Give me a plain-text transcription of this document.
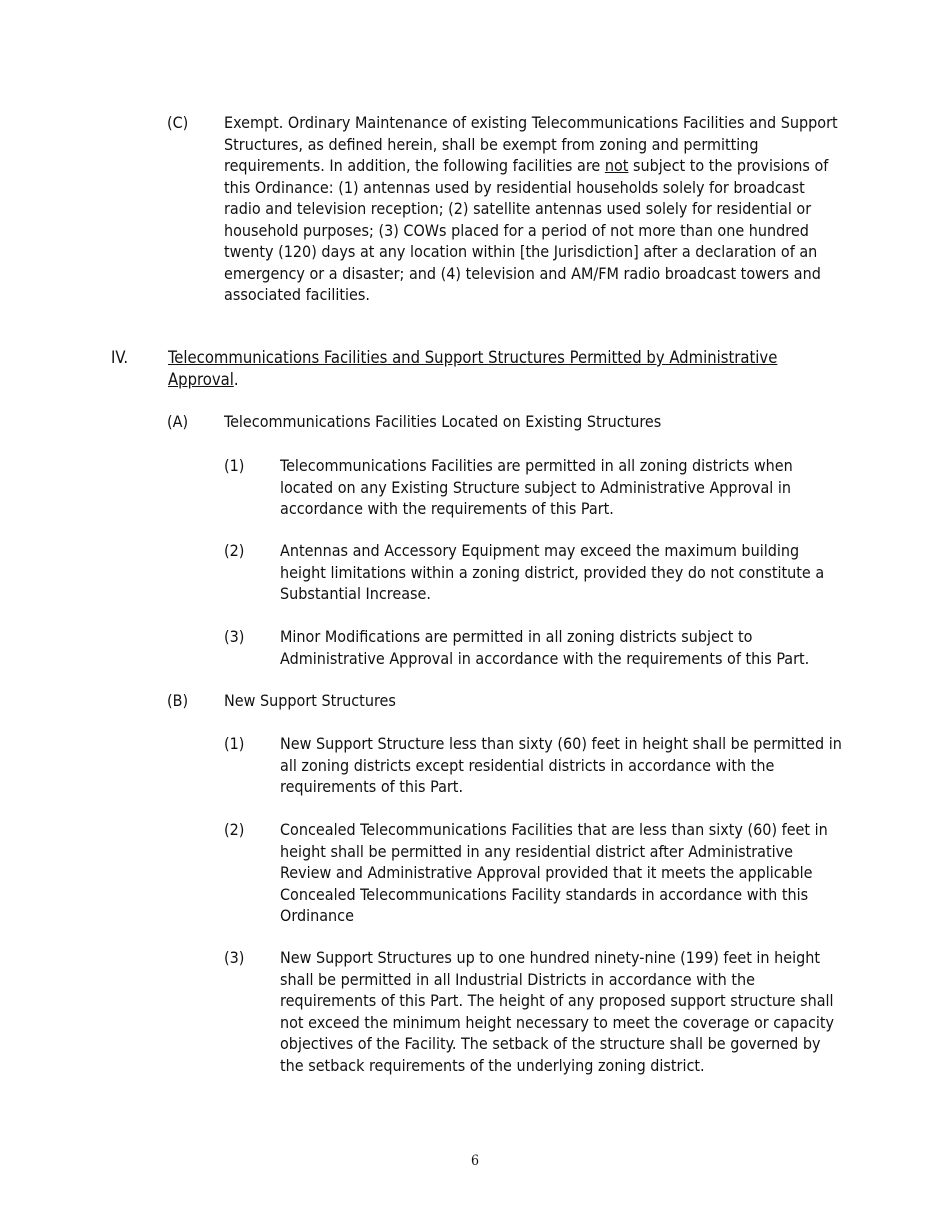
(C) Exempt. Ordinary Maintenance of existing Telecommunications Facilities and Support Structures, as defined herein, shall be exempt from zoning and permitting requirements. In addition, the following facilities are not subject to the provisions of this Ordinance: (1) antennas used by residential households solely for broadcast radio and television reception; (2) satellite antennas used solely for residential or household purposes; (3) COWs placed for a period of not more than one hundred twenty (120) days at any location within [the Jurisdiction] after a declaration of an emergency or a disaster; and (4) television and AM/FM radio broadcast towers and associated facilities.
IV. Telecommunications Facilities and Support Structures Permitted by Administrative Approval.
(A) Telecommunications Facilities Located on Existing Structures
(1) Telecommunications Facilities are permitted in all zoning districts when located on any Existing Structure subject to Administrative Approval in accordance with the requirements of this Part.
(2) Antennas and Accessory Equipment may exceed the maximum building height limitations within a zoning district, provided they do not constitute a Substantial Increase.
(3) Minor Modifications are permitted in all zoning districts subject to Administrative Approval in accordance with the requirements of this Part.
(B) New Support Structures
(1) New Support Structure less than sixty (60) feet in height shall be permitted in all zoning districts except residential districts in accordance with the requirements of this Part.
(2) Concealed Telecommunications Facilities that are less than sixty (60) feet in height shall be permitted in any residential district after Administrative Review and Administrative Approval provided that it meets the applicable Concealed Telecommunications Facility standards in accordance with this Ordinance
(3) New Support Structures up to one hundred ninety-nine (199) feet in height shall be permitted in all Industrial Districts in accordance with the requirements of this Part. The height of any proposed support structure shall not exceed the minimum height necessary to meet the coverage or capacity objectives of the Facility. The setback of the structure shall be governed by the setback requirements of the underlying zoning district.
6
